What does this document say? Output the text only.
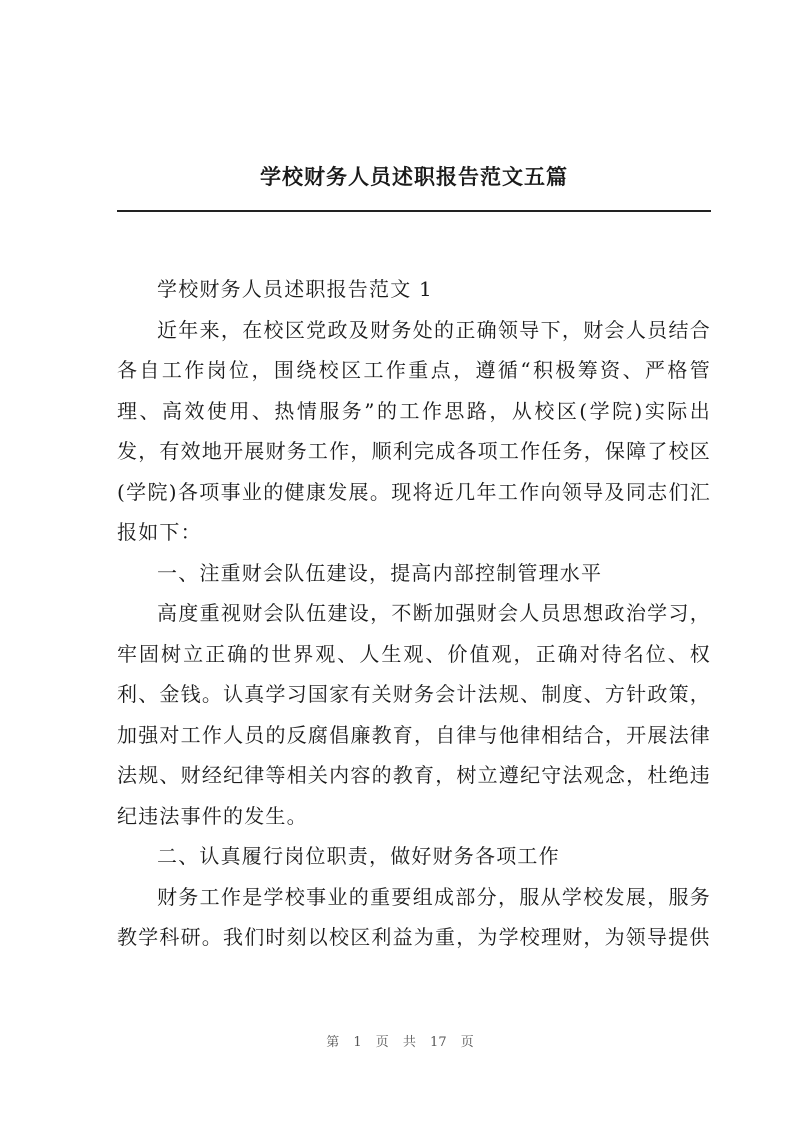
学校财务人员述职报告范文五篇

学校财务人员述职报告范文 1

近年来，在校区党政及财务处的正确领导下，财会人员结合各自工作岗位，围绕校区工作重点，遵循“积极筹资、严格管理、高效使用、热情服务”的工作思路，从校区(学院)实际出发，有效地开展财务工作，顺利完成各项工作任务，保障了校区(学院)各项事业的健康发展。现将近几年工作向领导及同志们汇报如下：

一、注重财会队伍建设，提高内部控制管理水平

高度重视财会队伍建设，不断加强财会人员思想政治学习，牢固树立正确的世界观、人生观、价值观，正确对待名位、权利、金钱。认真学习国家有关财务会计法规、制度、方针政策，加强对工作人员的反腐倡廉教育，自律与他律相结合，开展法律法规、财经纪律等相关内容的教育，树立遵纪守法观念，杜绝违纪违法事件的发生。

二、认真履行岗位职责，做好财务各项工作

财务工作是学校事业的重要组成部分，服从学校发展，服务教学科研。我们时刻以校区利益为重，为学校理财，为领导提供

第 1 页 共 17 页
